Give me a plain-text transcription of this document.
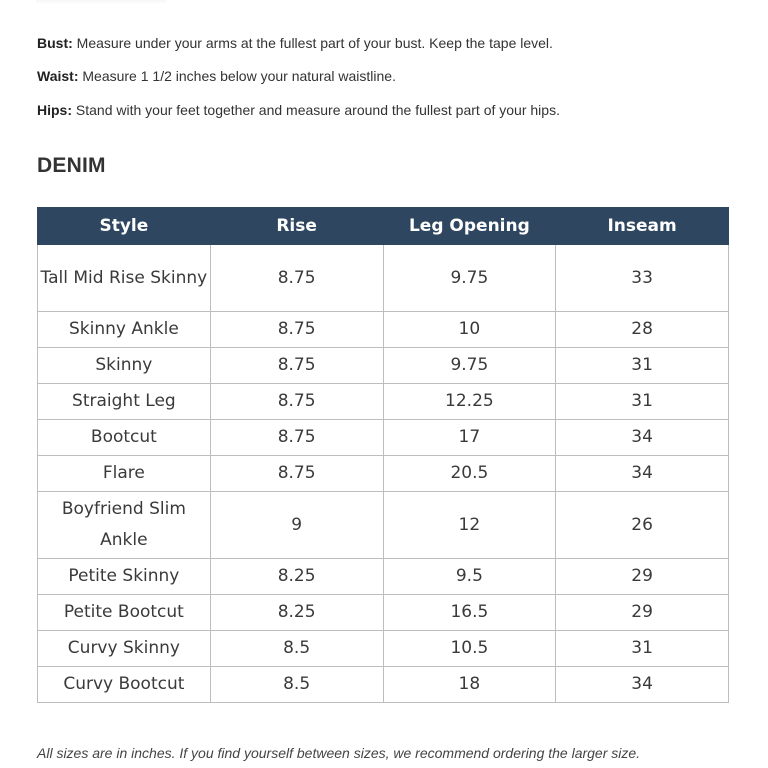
Bust: Measure under your arms at the fullest part of your bust. Keep the tape level.

Waist: Measure 1 1/2 inches below your natural waistline.

Hips: Stand with your feet together and measure around the fullest part of your hips.

DENIM
Style	Rise	Leg Opening	Inseam
Tall Mid Rise Skinny	8.75	9.75	33
Skinny Ankle	8.75	10	28
Skinny	8.75	9.75	31
Straight Leg	8.75	12.25	31
Bootcut	8.75	17	34
Flare	8.75	20.5	34
Boyfriend Slim Ankle	9	12	26
Petite Skinny	8.25	9.5	29
Petite Bootcut	8.25	16.5	29
Curvy Skinny	8.5	10.5	31
Curvy Bootcut	8.5	18	34

All sizes are in inches. If you find yourself between sizes, we recommend ordering the larger size.
